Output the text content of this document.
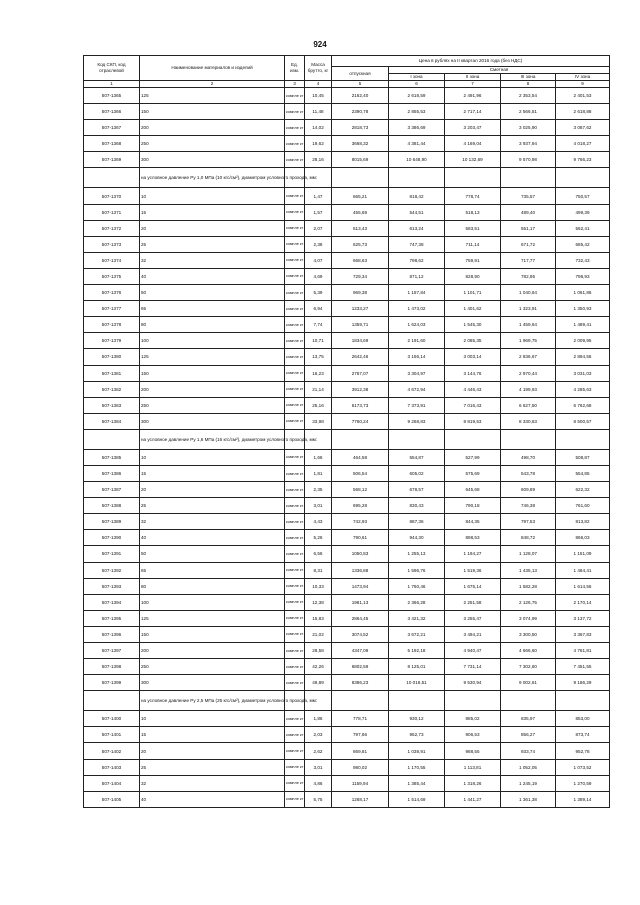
924
Код СКП, код отраслевой	Наименование материалов и изделий	Ед. изм.	Масса брутто, кг	Цена в рублях на II квартал 2016 года (без НДС)				
				отпускная	Сметная			
					I зона	II зона	III зона	IV зона
1	2	3	4	5	6	7	8	9
507-1365	125	компле кт	10,45	2162,40	2 618,59	2 491,96	2 353,54	2 401,53
507-1366	150	компле кт	11,48	2390,78	2 855,53	2 717,14	2 566,51	2 618,88
507-1367	200	компле кт	14,02	2818,73	3 386,69	3 203,47	3 025,90	3 087,62
507-1368	250	компле кт	19,62	3668,32	4 381,44	4 169,04	3 937,94	4 018,27
507-1369	300	компле кт	28,16	8015,69	10 648,90	10 132,69	9 570,98	9 766,23
	на условное давление Ру 1,0 МПа (10 кгс/см²), диаметром условного прохода, мм:							
507-1370	10	компле кт	1,47	665,21	818,42	778,74	735,57	750,57
507-1371	15	компле кт	1,57	455,69	544,51	518,13	489,40	499,39
507-1372	20	компле кт	2,07	513,43	613,24	583,51	551,17	562,41
507-1373	25	компле кт	2,38	625,73	747,38	711,14	671,72	685,42
507-1374	32	компле кт	4,07	668,63	798,62	759,91	717,77	732,43
507-1375	40	компле кт	4,69	729,34	871,12	828,90	782,95	798,93
507-1376	50	компле кт	5,39	969,38	1 157,84	1 101,71	1 040,64	1 061,86
507-1377	65	компле кт	6,94	1233,27	1 473,02	1 401,62	1 323,91	1 350,93
507-1378	80	компле кт	7,74	1359,71	1 624,03	1 545,30	1 459,64	1 489,41
507-1379	100	компле кт	10,71	1834,69	2 191,60	2 085,35	1 969,75	2 009,95
507-1380	125	компле кт	13,75	2642,46	3 156,14	3 003,14	2 836,67	2 894,56
507-1381	150	компле кт	16,23	2767,07	3 304,97	3 144,76	2 970,44	3 031,03
507-1382	200	компле кт	21,14	3912,38	4 672,94	4 446,43	4 199,93	4 285,63
507-1383	250	компле кт	25,16	6173,73	7 373,91	7 016,43	6 627,50	6 762,68
507-1384	300	компле кт	33,98	7760,24	9 268,83	8 819,53	8 330,63	8 500,57
	на условное давление Ру 1,6 МПа (16 кгс/см²), диаметром условного прохода, мм:							
507-1385	10	компле кт	1,66	464,58	554,87	527,99	498,70	508,87
507-1386	15	компле кт	1,81	506,54	605,02	575,69	543,78	554,85
507-1387	20	компле кт	2,35	568,12	678,57	645,68	609,89	622,32
507-1388	25	компле кт	3,01	695,28	830,43	790,18	746,38	761,60
507-1389	32	компле кт	4,43	742,93	887,36	844,35	797,53	813,82
507-1390	40	компле кт	5,26	790,61	944,30	898,53	848,72	866,03
507-1391	50	компле кт	6,56	1050,83	1 255,13	1 194,27	1 128,07	1 151,09
507-1392	65	компле кт	8,31	1336,88	1 596,76	1 519,36	1 435,13	1 464,41
507-1393	80	компле кт	10,33	1473,94	1 760,46	1 675,14	1 582,28	1 614,56
507-1394	100	компле кт	12,38	1981,13	2 366,28	2 251,58	2 126,75	2 170,14
507-1395	125	компле кт	15,83	2864,45	3 421,32	3 255,47	3 074,99	3 137,72
507-1396	150	компле кт	21,02	3074,52	3 672,21	3 494,21	3 300,50	3 367,83
507-1397	200	компле кт	28,58	4347,09	5 192,18	4 940,47	4 666,60	4 761,81
507-1398	250	компле кт	42,26	6802,59	8 125,01	7 731,14	7 302,60	7 451,55
507-1399	300	компле кт	49,89	8386,23	10 016,51	9 530,94	9 002,61	9 186,29
	на условное давление Ру 2,5 МПа (25 кгс/см²), диаметром условного прохода, мм:							
507-1400	10	компле кт	1,86	778,71	930,12	885,02	835,97	853,00
507-1401	15	компле кт	2,03	797,66	952,73	906,53	856,27	873,74
507-1402	20	компле кт	2,62	869,81	1 038,91	988,55	933,74	952,78
507-1403	25	компле кт	3,01	980,02	1 170,55	1 113,81	1 052,05	1 073,52
507-1404	32	компле кт	4,86	1159,94	1 385,44	1 318,26	1 245,19	1 270,59
507-1405	40	компле кт	5,75	1268,17	1 514,69	1 441,27	1 361,38	1 389,14
